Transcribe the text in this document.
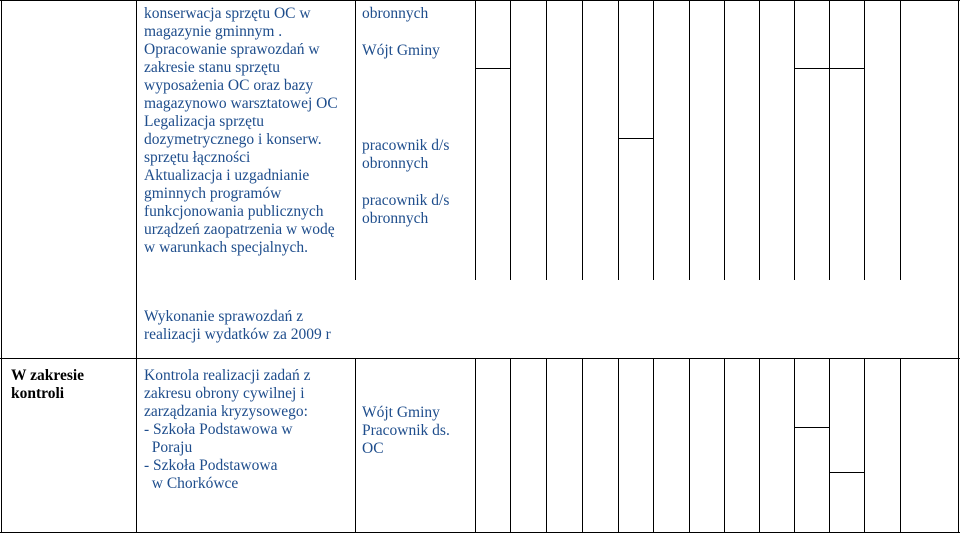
konserwacja sprzętu OC w
magazynie gminnym .
Opracowanie sprawozdań w
zakresie stanu sprzętu
wyposażenia OC oraz bazy
magazynowo warsztatowej OC
Legalizacja sprzętu
dozymetrycznego i konserw.
sprzętu łączności
Aktualizacja i uzgadnianie
gminnych programów
funkcjonowania publicznych
urządzeń zaopatrzenia w wodę
w warunkach specjalnych.
obronnych
Wójt Gminy
pracownik d/s
obronnych
pracownik d/s
obronnych
Wykonanie sprawozdań z
realizacji wydatków za 2009 r
W zakresie
kontroli
Kontrola realizacji zadań z
zakresu obrony cywilnej i
zarządzania kryzysowego:
- Szkoła Podstawowa w
Poraju
- Szkoła Podstawowa
w Chorkówce
Wójt Gminy
Pracownik ds.
OC
